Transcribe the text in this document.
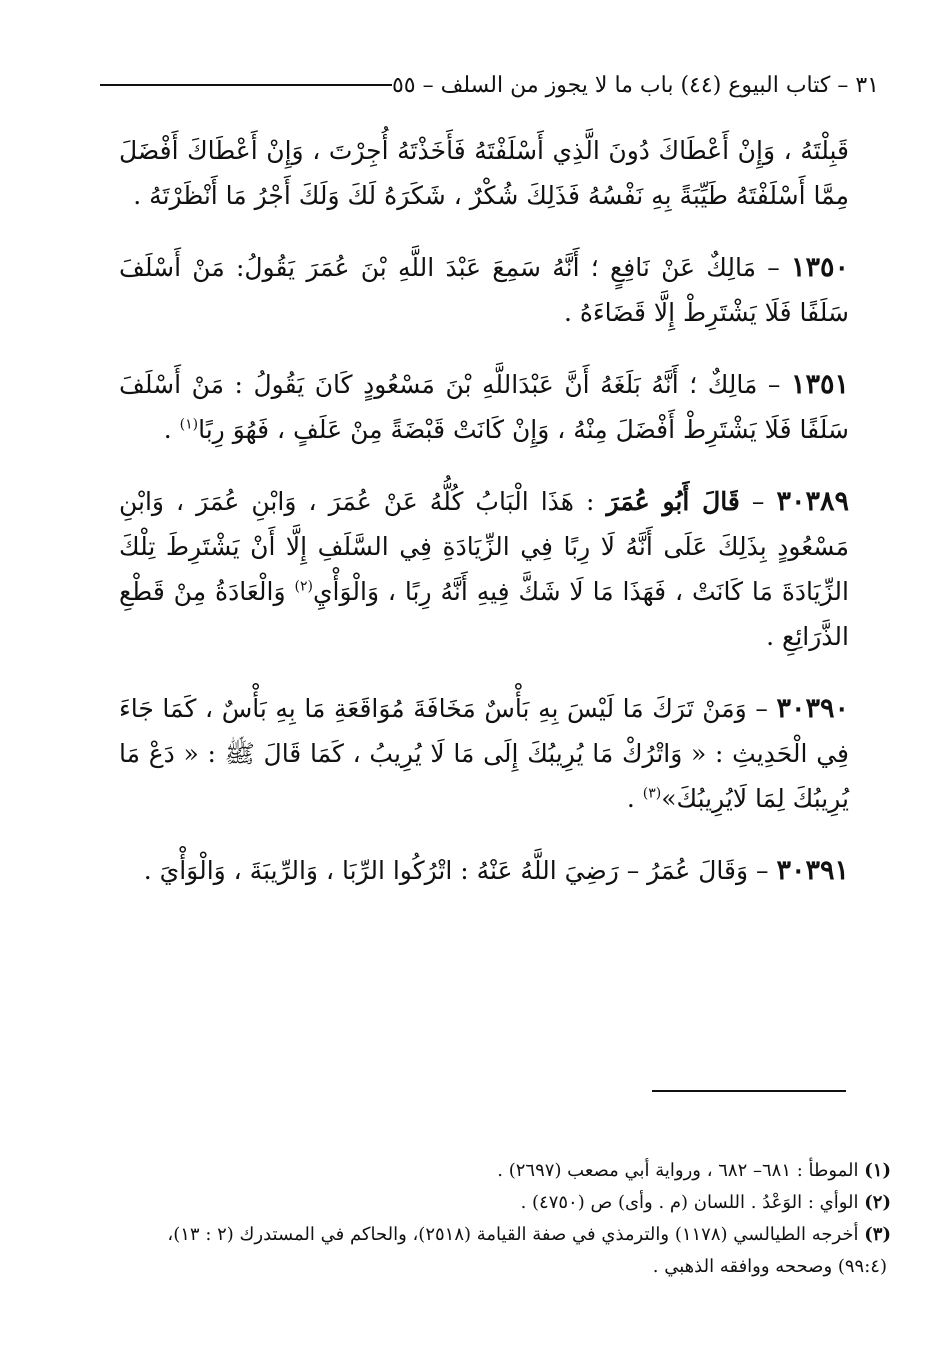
٣١ – كتاب البيوع (٤٤) باب ما لا يجوز من السلف – ٥٥

قَبِلْتَهُ ، وَإِنْ أَعْطَاكَ دُونَ الَّذِي أَسْلَفْتَهُ فَأَخَذْتَهُ أُجِرْتَ ، وَإِنْ أَعْطَاكَ أَفْضَلَ مِمَّا أَسْلَفْتَهُ طَيِّبَةً بِهِ نَفْسُهُ فَذَلِكَ شُكْرٌ ، شَكَرَهُ لَكَ وَلَكَ أَجْرُ مَا أَنْظَرْتَهُ .

١٣٥٠ – مَالِكٌ عَنْ نَافِعٍ ؛ أَنَّهُ سَمِعَ عَبْدَ اللَّهِ بْنَ عُمَرَ يَقُولُ: مَنْ أَسْلَفَ سَلَفًا فَلَا يَشْتَرِطْ إِلَّا قَضَاءَهُ .

١٣٥١ – مَالِكٌ ؛ أَنَّهُ بَلَغَهُ أَنَّ عَبْدَاللَّهِ بْنَ مَسْعُودٍ كَانَ يَقُولُ : مَنْ أَسْلَفَ سَلَفًا فَلَا يَشْتَرِطْ أَفْضَلَ مِنْهُ ، وَإِنْ كَانَتْ قَبْضَةً مِنْ عَلَفٍ ، فَهُوَ رِبًا$^{(١)}$ .

٣٠٣٨٩ – قَالَ أَبُو عُمَرَ : هَذَا الْبَابُ كُلُّهُ عَنْ عُمَرَ ، وَابْنِ عُمَرَ ، وَابْنِ مَسْعُودٍ بِذَلِكَ عَلَى أَنَّهُ لَا رِبًا فِي الزِّيَادَةِ فِي السَّلَفِ إِلَّا أَنْ يَشْتَرِطَ تِلْكَ الزِّيَادَةَ مَا كَانَتْ ، فَهَذَا مَا لَا شَكَّ فِيهِ أَنَّهُ رِبًا ، وَالْوَأْيِ$^{(٢)}$ وَالْعَادَةُ مِنْ قَطْعِ الذَّرَائِعِ .

٣٠٣٩٠ – وَمَنْ تَرَكَ مَا لَيْسَ بِهِ بَأْسٌ مَخَافَةَ مُوَاقَعَةِ مَا بِهِ بَأْسٌ ، كَمَا جَاءَ فِي الْحَدِيثِ : « وَاتْرُكْ مَا يُرِيبُكَ إِلَى مَا لَا يُرِيبُ ، كَمَا قَالَ ﷺ : « دَعْ مَا يُرِيبُكَ لِمَا لَايُرِيبُكَ»$^{(٣)}$ .

٣٠٣٩١ – وَقَالَ عُمَرُ – رَضِيَ اللَّهُ عَنْهُ : اتْرُكُوا الرِّبَا ، وَالرِّيبَةَ ، وَالْوَأْيَ .

(١) الموطأ : ٦٨١– ٦٨٢ ، ورواية أبي مصعب (٢٦٩٧) .

(٢) الوأي : الوَعْدُ . اللسان (م . وأى) ص (٤٧٥٠) .

(٣) أخرجه الطيالسي (١١٧٨) والترمذي في صفة القيامة (٢٥١٨)، والحاكم في المستدرك (٢ : ١٣)،

(٩٩:٤) وصححه ووافقه الذهبي .
